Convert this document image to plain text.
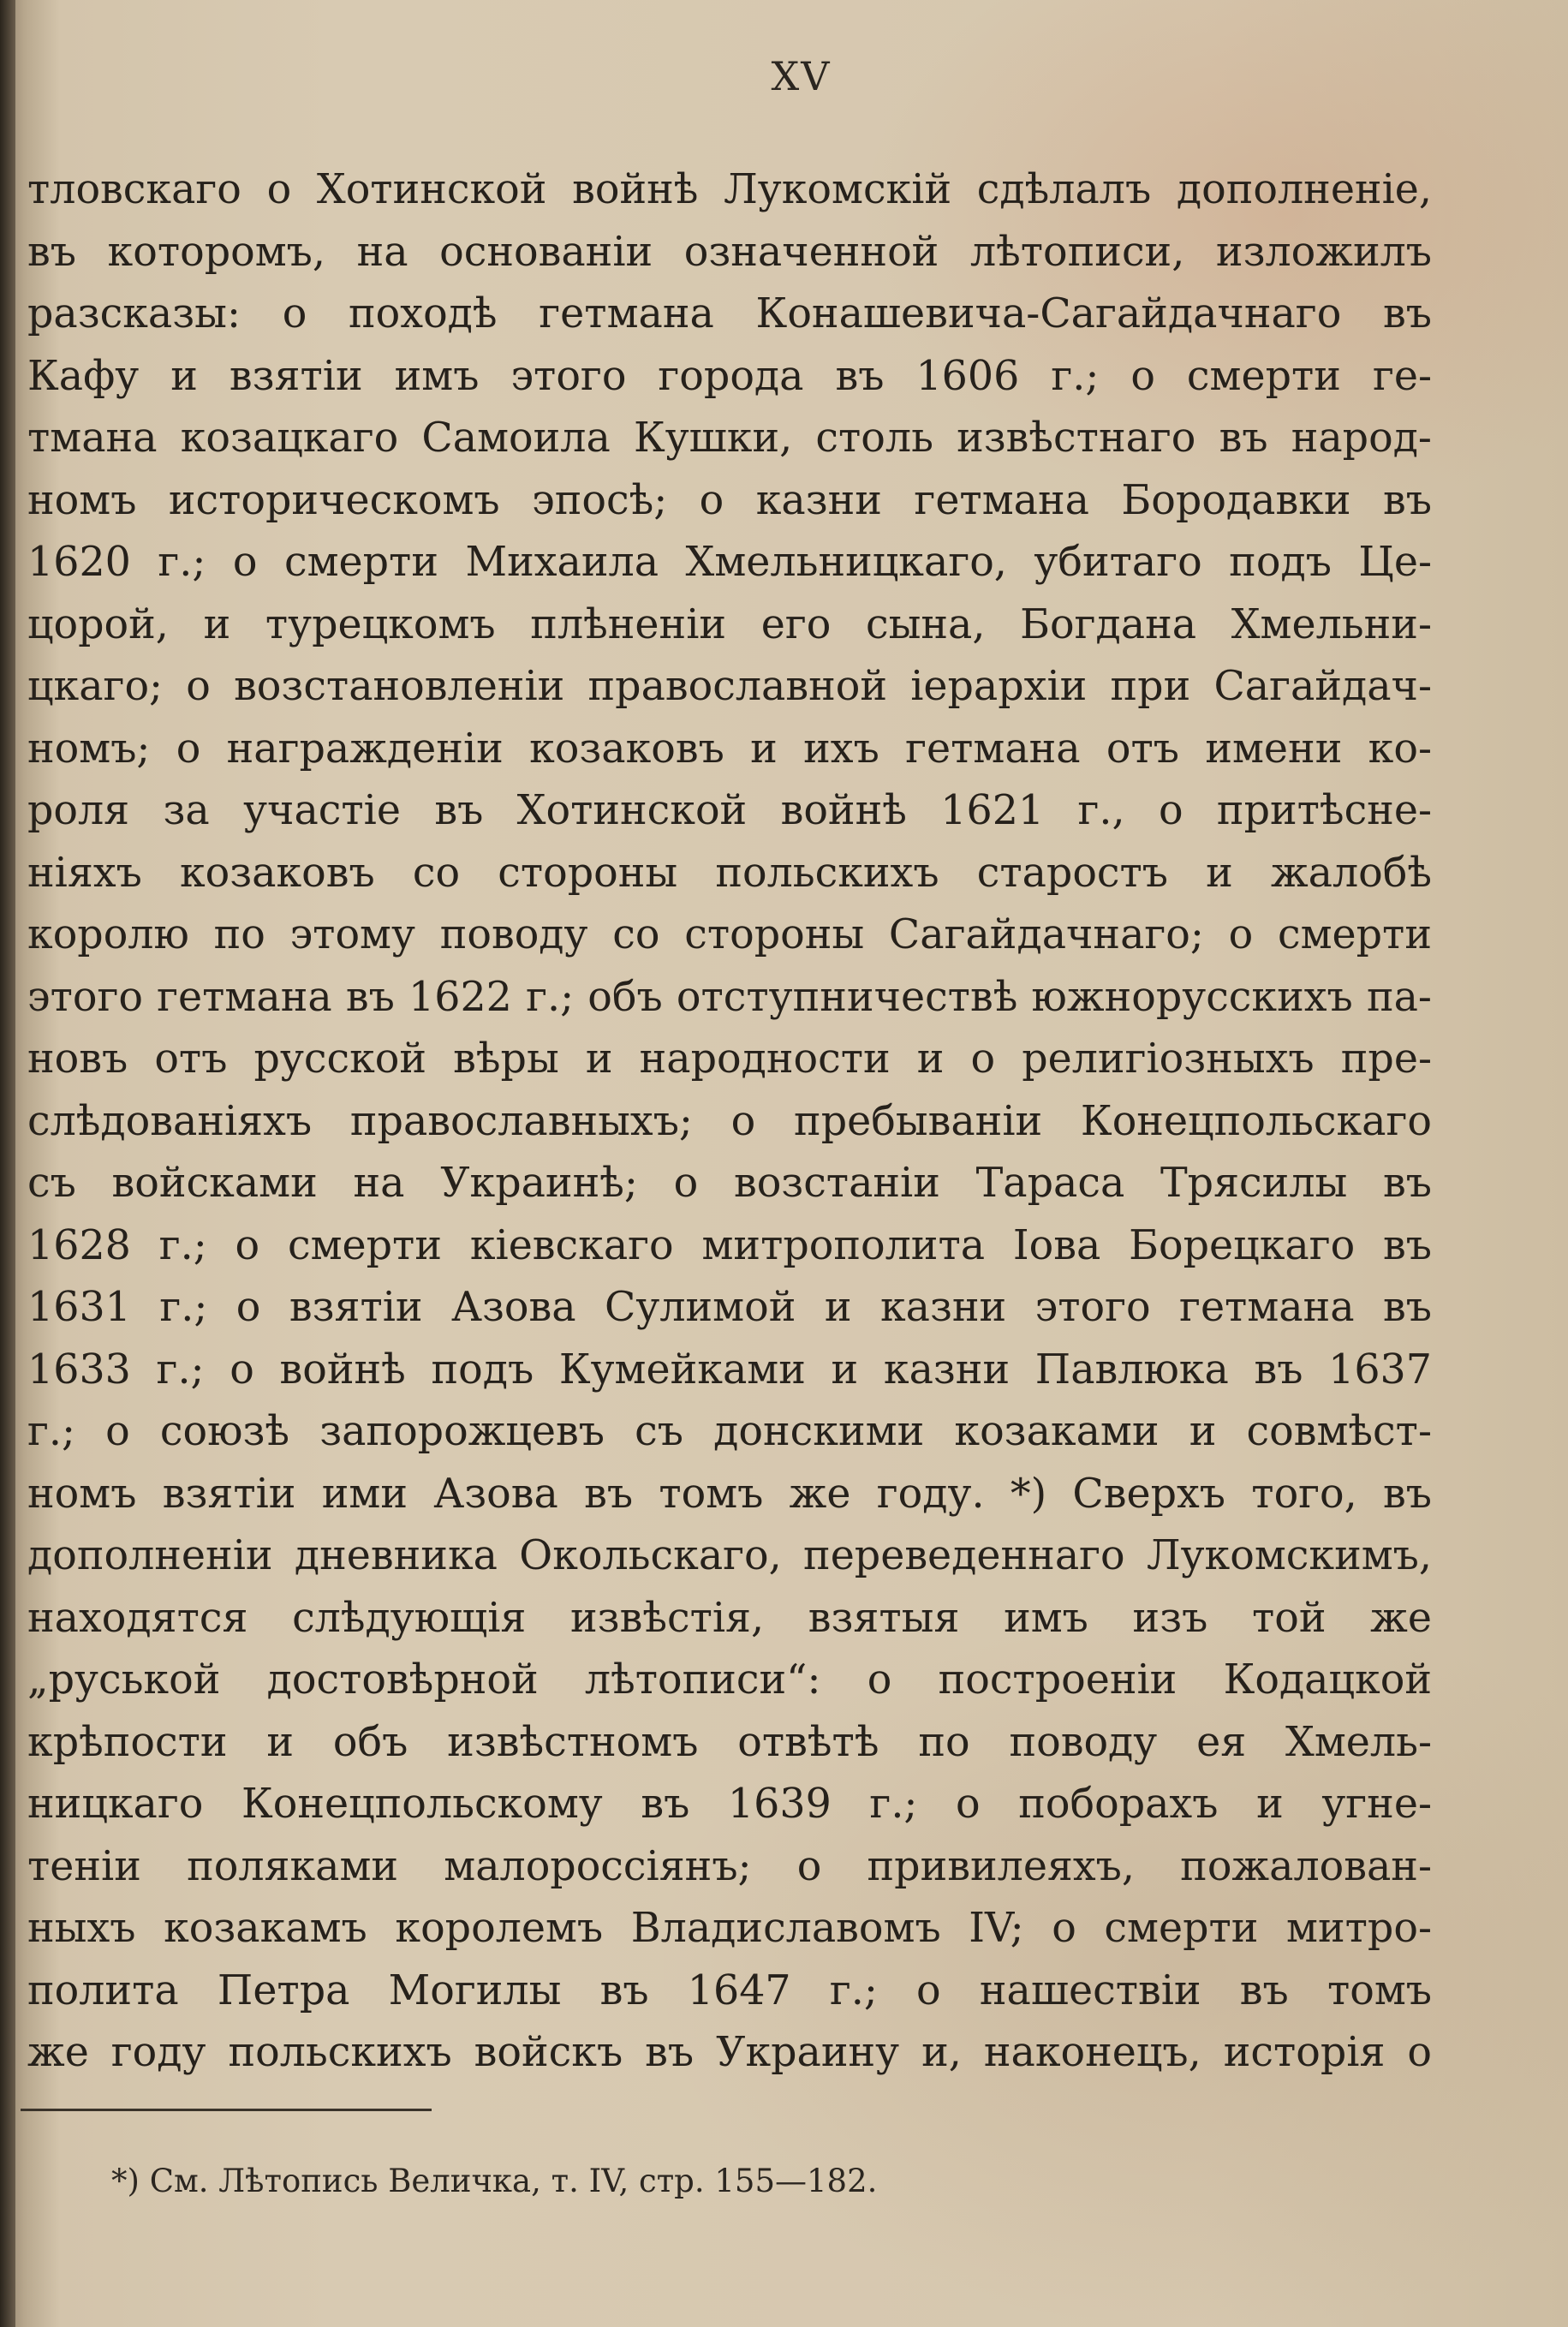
XV

тловскаго о Хотинской войнѣ Лукомскій сдѣлалъ дополненіе,
въ которомъ, на основаніи означенной лѣтописи, изложилъ
разсказы: о походѣ гетмана Конашевича-Сагайдачнаго въ
Кафу и взятіи имъ этого города въ 1606 г.; о смерти ге-
тмана козацкаго Самоила Кушки, столь извѣстнаго въ народ-
номъ историческомъ эпосѣ; о казни гетмана Бородавки въ
1620 г.; о смерти Михаила Хмельницкаго, убитаго подъ Це-
цорой, и турецкомъ плѣненіи его сына, Богдана Хмельни-
цкаго; о возстановленіи православной іерархіи при Сагайдач-
номъ; о награжденіи козаковъ и ихъ гетмана отъ имени ко-
роля за участіе въ Хотинской войнѣ 1621 г., о притѣсне-
ніяхъ козаковъ со стороны польскихъ старостъ и жалобѣ
королю по этому поводу со стороны Сагайдачнаго; о смерти
этого гетмана въ 1622 г.; объ отступничествѣ южнорусскихъ па-
новъ отъ русской вѣры и народности и о религіозныхъ пре-
слѣдованіяхъ православныхъ; о пребываніи Конецпольскаго
съ войсками на Украинѣ; о возстаніи Тараса Трясилы въ
1628 г.; о смерти кіевскаго митрополита Іова Борецкаго въ
1631 г.; о взятіи Азова Сулимой и казни этого гетмана въ
1633 г.; о войнѣ подъ Кумейками и казни Павлюка въ 1637
г.; о союзѣ запорожцевъ съ донскими козаками и совмѣст-
номъ взятіи ими Азова въ томъ же году. *) Сверхъ того, въ
дополненіи дневника Окольскаго, переведеннаго Лукомскимъ,
находятся слѣдующія извѣстія, взятыя имъ изъ той же
„руськой достовѣрной лѣтописи“: о построеніи Кодацкой
крѣпости и объ извѣстномъ отвѣтѣ по поводу ея Хмель-
ницкаго Конецпольскому въ 1639 г.; о поборахъ и угне-
теніи поляками малороссіянъ; о привилеяхъ, пожалован-
ныхъ козакамъ королемъ Владиславомъ IV; о смерти митро-
полита Петра Могилы въ 1647 г.; о нашествіи въ томъ
же году польскихъ войскъ въ Украину и, наконецъ, исторія о

*) См. Лѣтопись Величка, т. IV, стр. 155—182.
